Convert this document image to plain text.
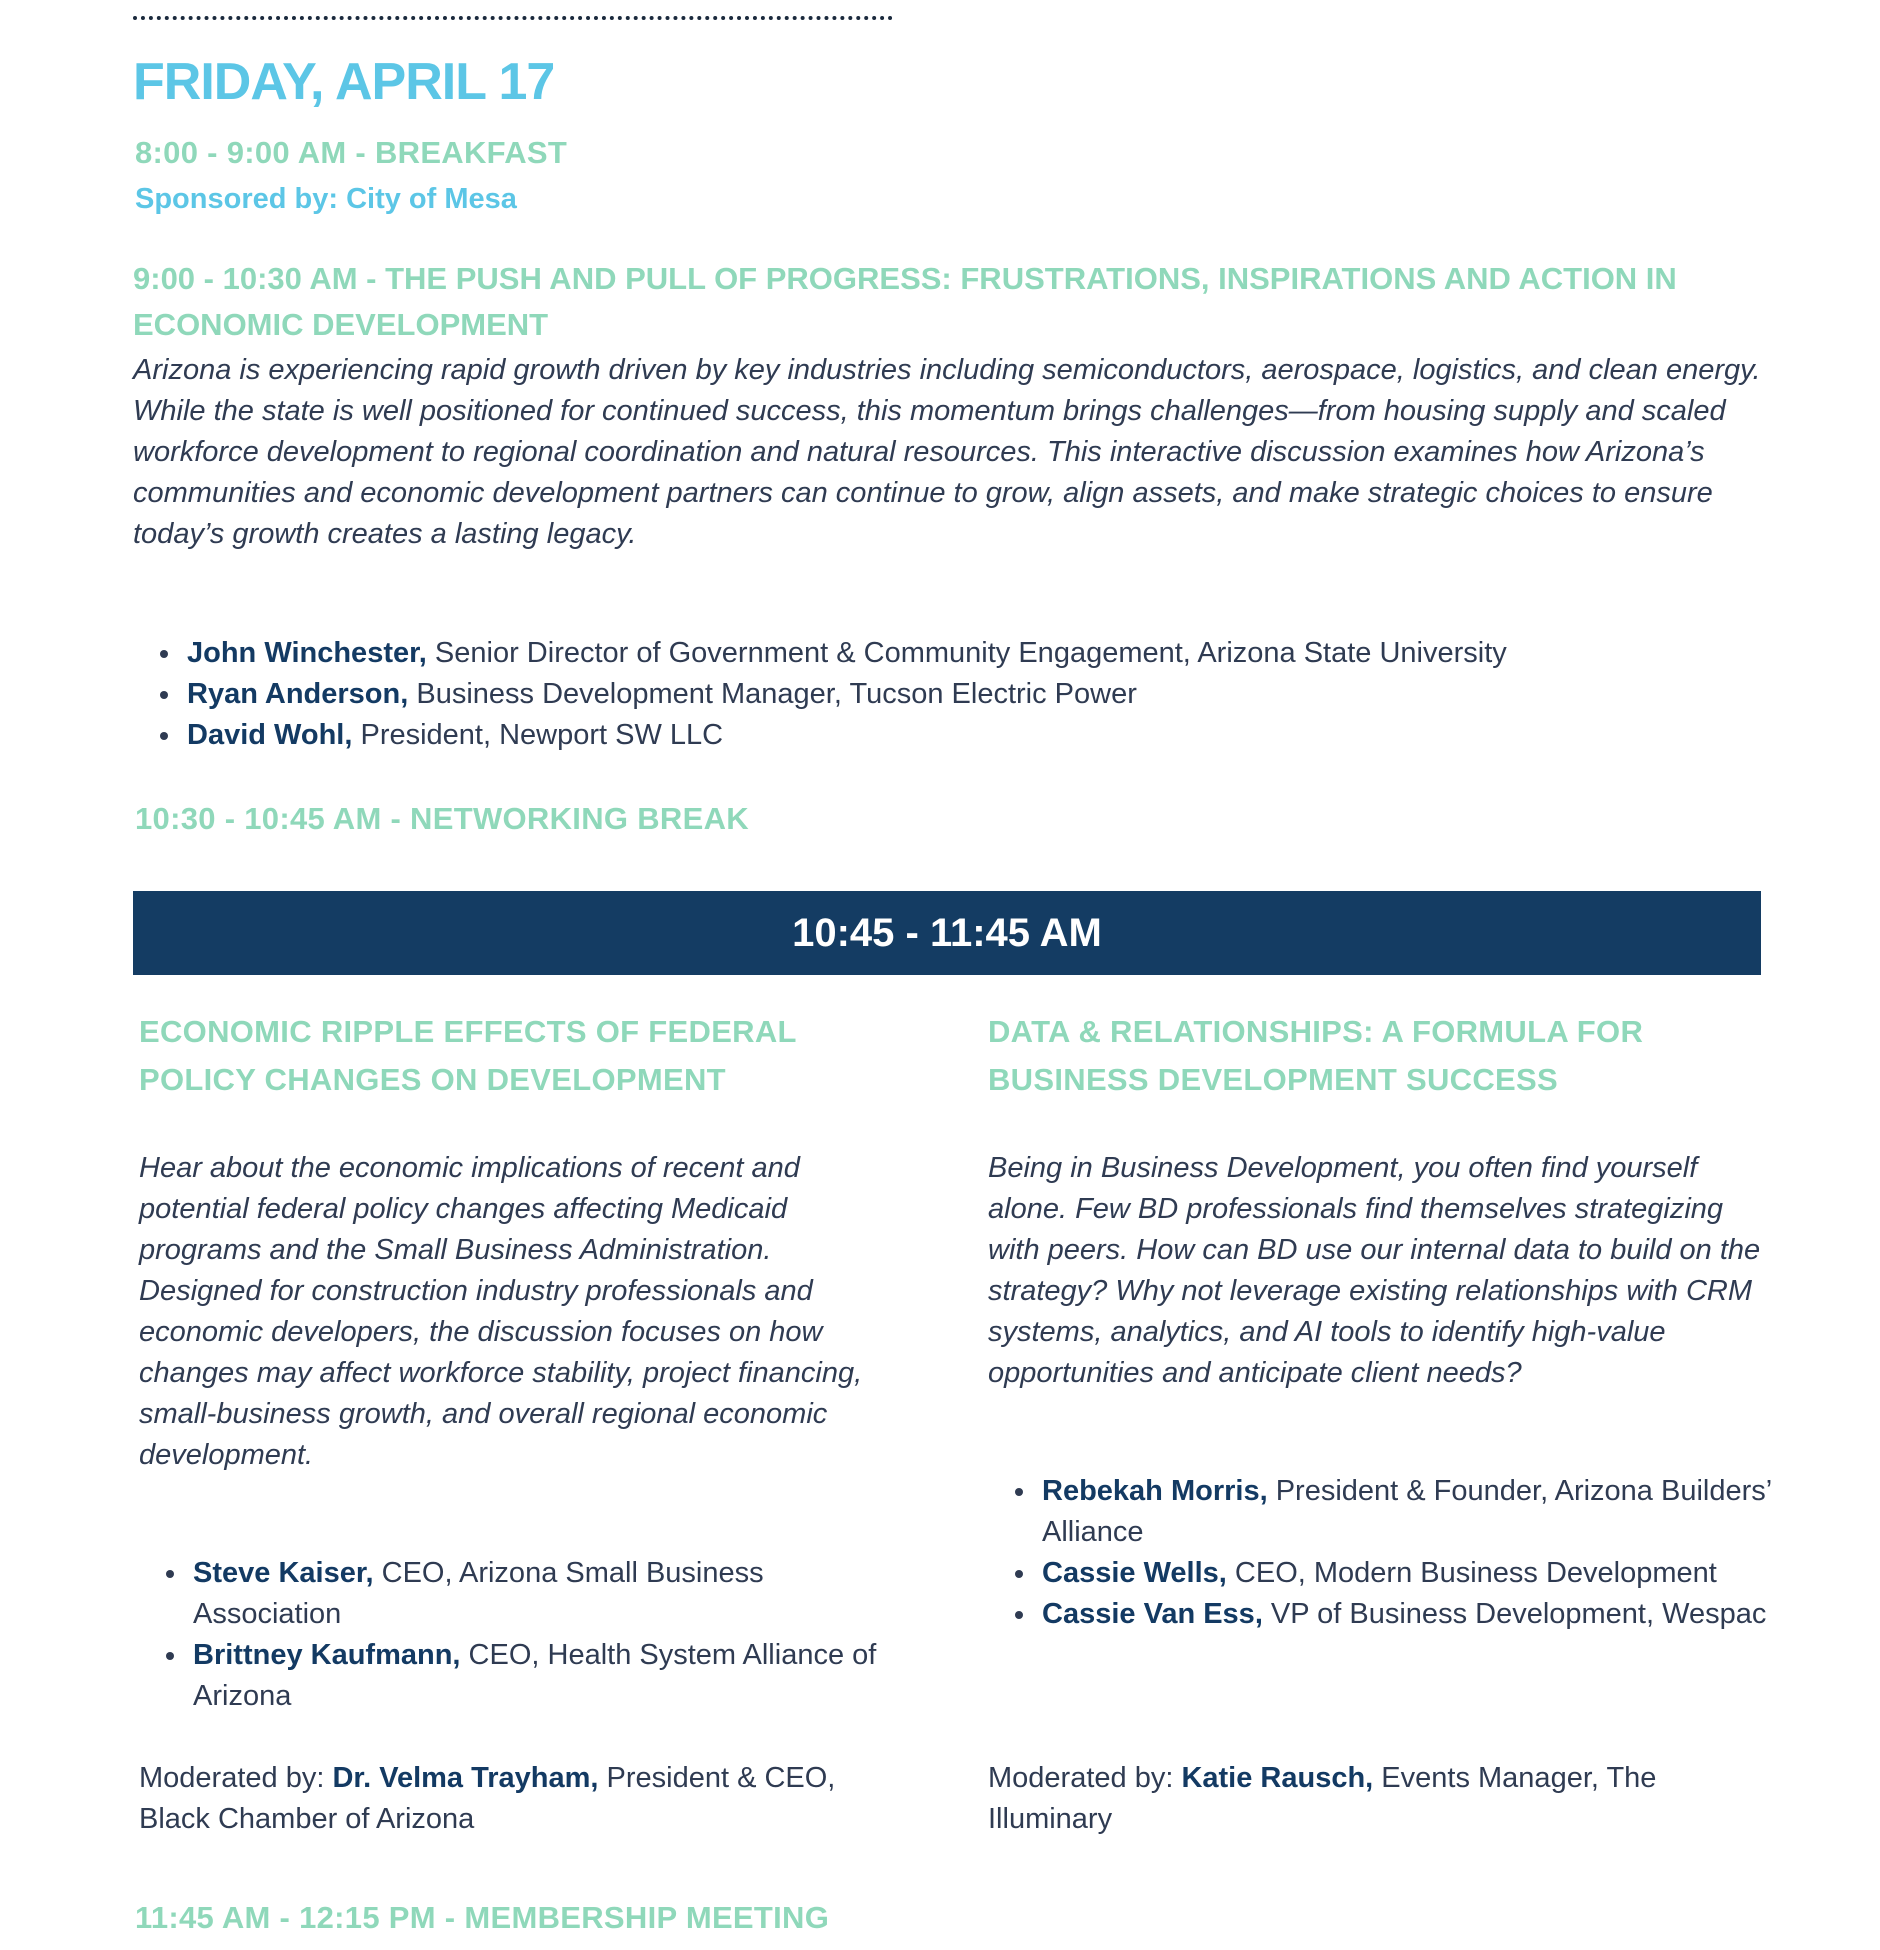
FRIDAY, APRIL 17
8:00 - 9:00 AM - BREAKFAST
Sponsored by: City of Mesa
9:00 - 10:30 AM - THE PUSH AND PULL OF PROGRESS: FRUSTRATIONS, INSPIRATIONS AND ACTION IN ECONOMIC DEVELOPMENT
Arizona is experiencing rapid growth driven by key industries including semiconductors, aerospace, logistics, and clean energy. While the state is well positioned for continued success, this momentum brings challenges—from housing supply and scaled workforce development to regional coordination and natural resources. This interactive discussion examines how Arizona’s communities and economic development partners can continue to grow, align assets, and make strategic choices to ensure today’s growth creates a lasting legacy.
• John Winchester, Senior Director of Government & Community Engagement, Arizona State University
• Ryan Anderson, Business Development Manager, Tucson Electric Power
• David Wohl, President, Newport SW LLC
10:30 - 10:45 AM - NETWORKING BREAK
10:45 - 11:45 AM
ECONOMIC RIPPLE EFFECTS OF FEDERAL POLICY CHANGES ON DEVELOPMENT
Hear about the economic implications of recent and potential federal policy changes affecting Medicaid programs and the Small Business Administration. Designed for construction industry professionals and economic developers, the discussion focuses on how changes may affect workforce stability, project financing, small-business growth, and overall regional economic development.
• Steve Kaiser, CEO, Arizona Small Business Association
• Brittney Kaufmann, CEO, Health System Alliance of Arizona
Moderated by: Dr. Velma Trayham, President & CEO, Black Chamber of Arizona
DATA & RELATIONSHIPS: A FORMULA FOR BUSINESS DEVELOPMENT SUCCESS
Being in Business Development, you often find yourself alone. Few BD professionals find themselves strategizing with peers. How can BD use our internal data to build on the strategy? Why not leverage existing relationships with CRM systems, analytics, and AI tools to identify high-value opportunities and anticipate client needs?
• Rebekah Morris, President & Founder, Arizona Builders’ Alliance
• Cassie Wells, CEO, Modern Business Development
• Cassie Van Ess, VP of Business Development, Wespac
Moderated by: Katie Rausch, Events Manager, The Illuminary
11:45 AM - 12:15 PM - MEMBERSHIP MEETING
